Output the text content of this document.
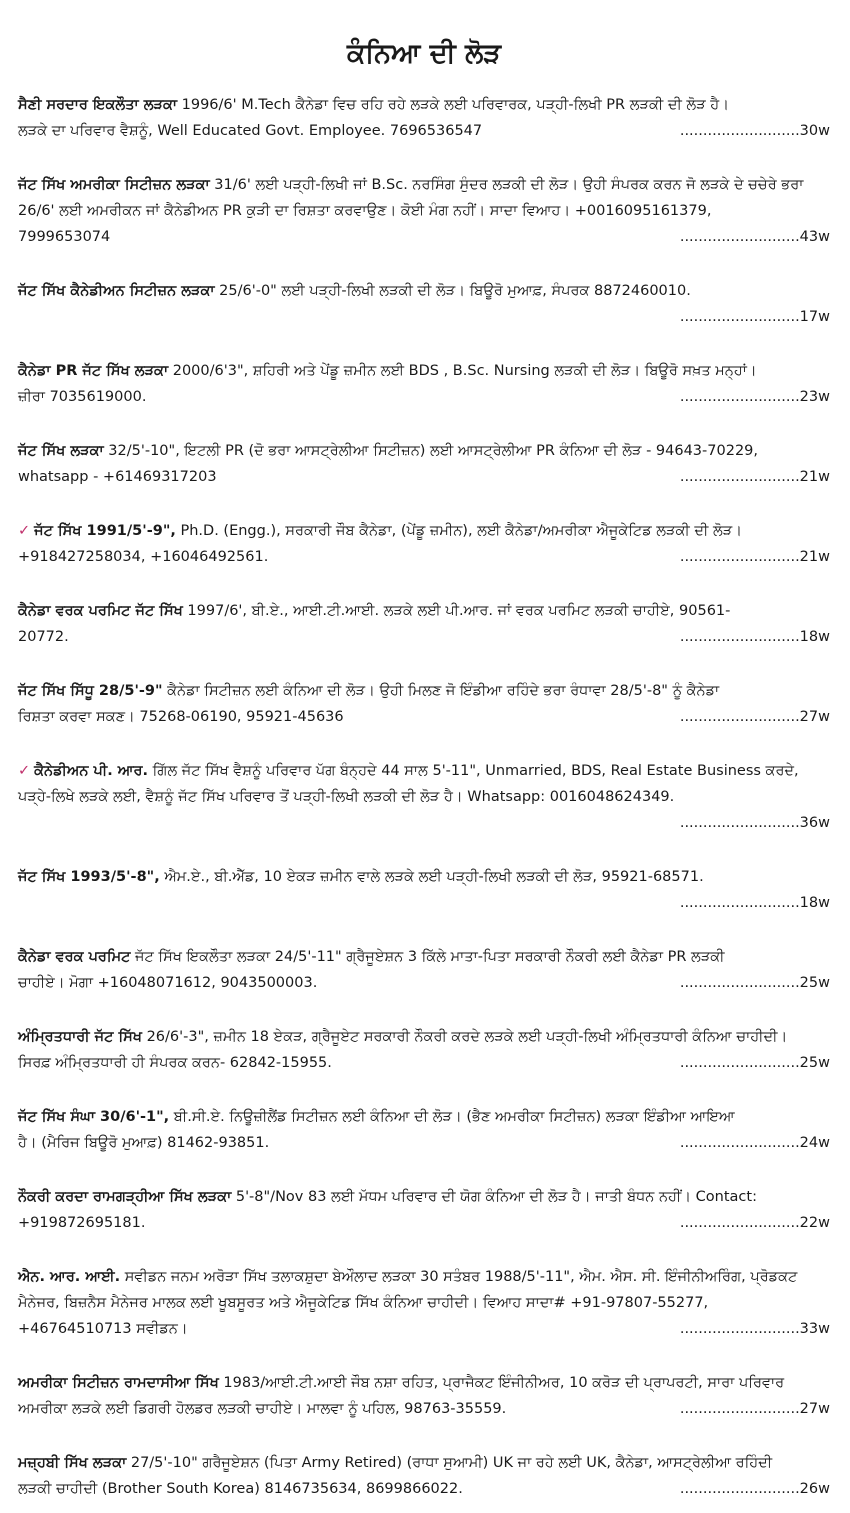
ਕੰਨਿਆ ਦੀ ਲੋੜ
ਸੈਣੀ ਸਰਦਾਰ ਇਕਲੌਤਾ ਲੜਕਾ 1996/6' M.Tech ਕੈਨੇਡਾ ਵਿਚ ਰਹਿ ਰਹੇ ਲੜਕੇ ਲਈ ਪਰਿਵਾਰਕ, ਪੜ੍ਹੀ-ਲਿਖੀ PR ਲੜਕੀ ਦੀ ਲੋੜ ਹੈ।
ਲੜਕੇ ਦਾ ਪਰਿਵਾਰ ਵੈਸ਼ਨੂੰ, Well Educated Govt. Employee. 7696536547	..........................30w
ਜੱਟ ਸਿੱਖ ਅਮਰੀਕਾ ਸਿਟੀਜ਼ਨ ਲੜਕਾ 31/6' ਲਈ ਪੜ੍ਹੀ-ਲਿਖੀ ਜਾਂ B.Sc. ਨਰਸਿੰਗ ਸੁੰਦਰ ਲੜਕੀ ਦੀ ਲੋੜ। ਉਹੀ ਸੰਪਰਕ ਕਰਨ ਜੋ ਲੜਕੇ ਦੇ ਚਚੇਰੇ ਭਰਾ 26/6' ਲਈ ਅਮਰੀਕਨ ਜਾਂ ਕੈਨੇਡੀਅਨ PR ਕੁੜੀ ਦਾ ਰਿਸ਼ਤਾ ਕਰਵਾਉਣ। ਕੋਈ ਮੰਗ ਨਹੀਂ। ਸਾਦਾ ਵਿਆਹ। +0016095161379,
7999653074	..........................43w
ਜੱਟ ਸਿੱਖ ਕੈਨੇਡੀਅਨ ਸਿਟੀਜ਼ਨ ਲੜਕਾ 25/6'-0" ਲਈ ਪੜ੍ਹੀ-ਲਿਖੀ ਲੜਕੀ ਦੀ ਲੋੜ। ਬਿਊਰੋ ਮੁਆਫ਼, ਸੰਪਰਕ 8872460010.
..........................17w
ਕੈਨੇਡਾ PR ਜੱਟ ਸਿੱਖ ਲੜਕਾ 2000/6'3", ਸ਼ਹਿਰੀ ਅਤੇ ਪੇਂਡੂ ਜ਼ਮੀਨ ਲਈ BDS , B.Sc. Nursing ਲੜਕੀ ਦੀ ਲੋੜ। ਬਿਊਰੋ ਸਖ਼ਤ ਮਨ੍ਹਾਂ।
ਜ਼ੀਰਾ 7035619000.	..........................23w
ਜੱਟ ਸਿੱਖ ਲੜਕਾ 32/5'-10", ਇਟਲੀ PR (ਦੋ ਭਰਾ ਆਸਟ੍ਰੇਲੀਆ ਸਿਟੀਜ਼ਨ) ਲਈ ਆਸਟ੍ਰੇਲੀਆ PR ਕੰਨਿਆ ਦੀ ਲੋੜ - 94643-70229,
whatsapp - +61469317203	..........................21w
✓ ਜੱਟ ਸਿੱਖ 1991/5'-9", Ph.D. (Engg.), ਸਰਕਾਰੀ ਜੌਬ ਕੈਨੇਡਾ, (ਪੇਂਡੂ ਜ਼ਮੀਨ), ਲਈ ਕੈਨੇਡਾ/ਅਮਰੀਕਾ ਐਜੂਕੇਟਿਡ ਲੜਕੀ ਦੀ ਲੋੜ।
+918427258034, +16046492561.	..........................21w
ਕੈਨੇਡਾ ਵਰਕ ਪਰਮਿਟ ਜੱਟ ਸਿੱਖ 1997/6', ਬੀ.ਏ., ਆਈ.ਟੀ.ਆਈ. ਲੜਕੇ ਲਈ ਪੀ.ਆਰ. ਜਾਂ ਵਰਕ ਪਰਮਿਟ ਲੜਕੀ ਚਾਹੀਏ, 90561-
20772.	..........................18w
ਜੱਟ ਸਿੱਖ ਸਿੱਧੂ 28/5'-9" ਕੈਨੇਡਾ ਸਿਟੀਜ਼ਨ ਲਈ ਕੰਨਿਆ ਦੀ ਲੋੜ। ਉਹੀ ਮਿਲਣ ਜੋ ਇੰਡੀਆ ਰਹਿੰਦੇ ਭਰਾ ਰੰਧਾਵਾ 28/5'-8" ਨੂੰ ਕੈਨੇਡਾ
ਰਿਸ਼ਤਾ ਕਰਵਾ ਸਕਣ। 75268-06190, 95921-45636	..........................27w
✓ ਕੈਨੇਡੀਅਨ ਪੀ. ਆਰ. ਗਿੱਲ ਜੱਟ ਸਿੱਖ ਵੈਸ਼ਨੂੰ ਪਰਿਵਾਰ ਪੱਗ ਬੰਨ੍ਹਦੇ 44 ਸਾਲ 5'-11", Unmarried, BDS, Real Estate Business ਕਰਦੇ, ਪੜ੍ਹੇ-ਲਿਖੇ ਲੜਕੇ ਲਈ, ਵੈਸ਼ਨੂੰ ਜੱਟ ਸਿੱਖ ਪਰਿਵਾਰ ਤੋਂ ਪੜ੍ਹੀ-ਲਿਖੀ ਲੜਕੀ ਦੀ ਲੋੜ ਹੈ। Whatsapp: 0016048624349.
..........................36w
ਜੱਟ ਸਿੱਖ 1993/5'-8", ਐਮ.ਏ., ਬੀ.ਐੱਡ, 10 ਏਕੜ ਜ਼ਮੀਨ ਵਾਲੇ ਲੜਕੇ ਲਈ ਪੜ੍ਹੀ-ਲਿਖੀ ਲੜਕੀ ਦੀ ਲੋੜ, 95921-68571.
..........................18w
ਕੈਨੇਡਾ ਵਰਕ ਪਰਮਿਟ ਜੱਟ ਸਿੱਖ ਇਕਲੌਤਾ ਲੜਕਾ 24/5'-11" ਗ੍ਰੈਜੂਏਸ਼ਨ 3 ਕਿੱਲੇ ਮਾਤਾ-ਪਿਤਾ ਸਰਕਾਰੀ ਨੌਕਰੀ ਲਈ ਕੈਨੇਡਾ PR ਲੜਕੀ
ਚਾਹੀਏ। ਮੋਗਾ +16048071612, 9043500003.	..........................25w
ਅੰਮ੍ਰਿਤਧਾਰੀ ਜੱਟ ਸਿੱਖ 26/6'-3", ਜ਼ਮੀਨ 18 ਏਕੜ, ਗ੍ਰੈਜੂਏਟ ਸਰਕਾਰੀ ਨੌਕਰੀ ਕਰਦੇ ਲੜਕੇ ਲਈ ਪੜ੍ਹੀ-ਲਿਖੀ ਅੰਮ੍ਰਿਤਧਾਰੀ ਕੰਨਿਆ ਚਾਹੀਦੀ।
ਸਿਰਫ਼ ਅੰਮ੍ਰਿਤਧਾਰੀ ਹੀ ਸੰਪਰਕ ਕਰਨ- 62842-15955.	..........................25w
ਜੱਟ ਸਿੱਖ ਸੰਘਾ 30/6'-1", ਬੀ.ਸੀ.ਏ. ਨਿਊਜ਼ੀਲੈਂਡ ਸਿਟੀਜ਼ਨ ਲਈ ਕੰਨਿਆ ਦੀ ਲੋੜ। (ਭੈਣ ਅਮਰੀਕਾ ਸਿਟੀਜ਼ਨ) ਲੜਕਾ ਇੰਡੀਆ ਆਇਆ
ਹੈ। (ਮੈਰਿਜ ਬਿਊਰੋ ਮੁਆਫ਼) 81462-93851.	..........................24w
ਨੌਕਰੀ ਕਰਦਾ ਰਾਮਗੜ੍ਹੀਆ ਸਿੱਖ ਲੜਕਾ 5'-8"/Nov 83 ਲਈ ਮੱਧਮ ਪਰਿਵਾਰ ਦੀ ਯੋਗ ਕੰਨਿਆ ਦੀ ਲੋੜ ਹੈ। ਜਾਤੀ ਬੰਧਨ ਨਹੀਂ। Contact:
+919872695181.	..........................22w
ਐਨ. ਆਰ. ਆਈ. ਸਵੀਡਨ ਜਨਮ ਅਰੋੜਾ ਸਿੱਖ ਤਲਾਕਸ਼ੁਦਾ ਬੇਔਲਾਦ ਲੜਕਾ 30 ਸਤੰਬਰ 1988/5'-11", ਐਮ. ਐਸ. ਸੀ. ਇੰਜੀਨੀਅਰਿੰਗ, ਪ੍ਰੋਡਕਟ ਮੈਨੇਜਰ, ਬਿਜ਼ਨੈਸ ਮੈਨੇਜਰ ਮਾਲਕ ਲਈ ਖੂਬਸੂਰਤ ਅਤੇ ਐਜੂਕੇਟਿਡ ਸਿੱਖ ਕੰਨਿਆ ਚਾਹੀਦੀ। ਵਿਆਹ ਸਾਦਾ# +91-97807-55277,
+46764510713 ਸਵੀਡਨ।	..........................33w
ਅਮਰੀਕਾ ਸਿਟੀਜ਼ਨ ਰਾਮਦਾਸੀਆ ਸਿੱਖ 1983/ਆਈ.ਟੀ.ਆਈ ਜੌਬ ਨਸ਼ਾ ਰਹਿਤ, ਪ੍ਰਾਜੈਕਟ ਇੰਜੀਨੀਅਰ, 10 ਕਰੋੜ ਦੀ ਪ੍ਰਾਪਰਟੀ, ਸਾਰਾ ਪਰਿਵਾਰ
ਅਮਰੀਕਾ ਲੜਕੇ ਲਈ ਡਿਗਰੀ ਹੋਲਡਰ ਲੜਕੀ ਚਾਹੀਏ। ਮਾਲਵਾ ਨੂੰ ਪਹਿਲ, 98763-35559.	..........................27w
ਮਜ਼੍ਹਬੀ ਸਿੱਖ ਲੜਕਾ 27/5'-10" ਗਰੈਜੂਏਸ਼ਨ (ਪਿਤਾ Army Retired) (ਰਾਧਾ ਸੁਆਮੀ) UK ਜਾ ਰਹੇ ਲਈ UK, ਕੈਨੇਡਾ, ਆਸਟ੍ਰੇਲੀਆ ਰਹਿੰਦੀ
ਲੜਕੀ ਚਾਹੀਦੀ (Brother South Korea) 8146735634, 8699866022.	..........................26w
